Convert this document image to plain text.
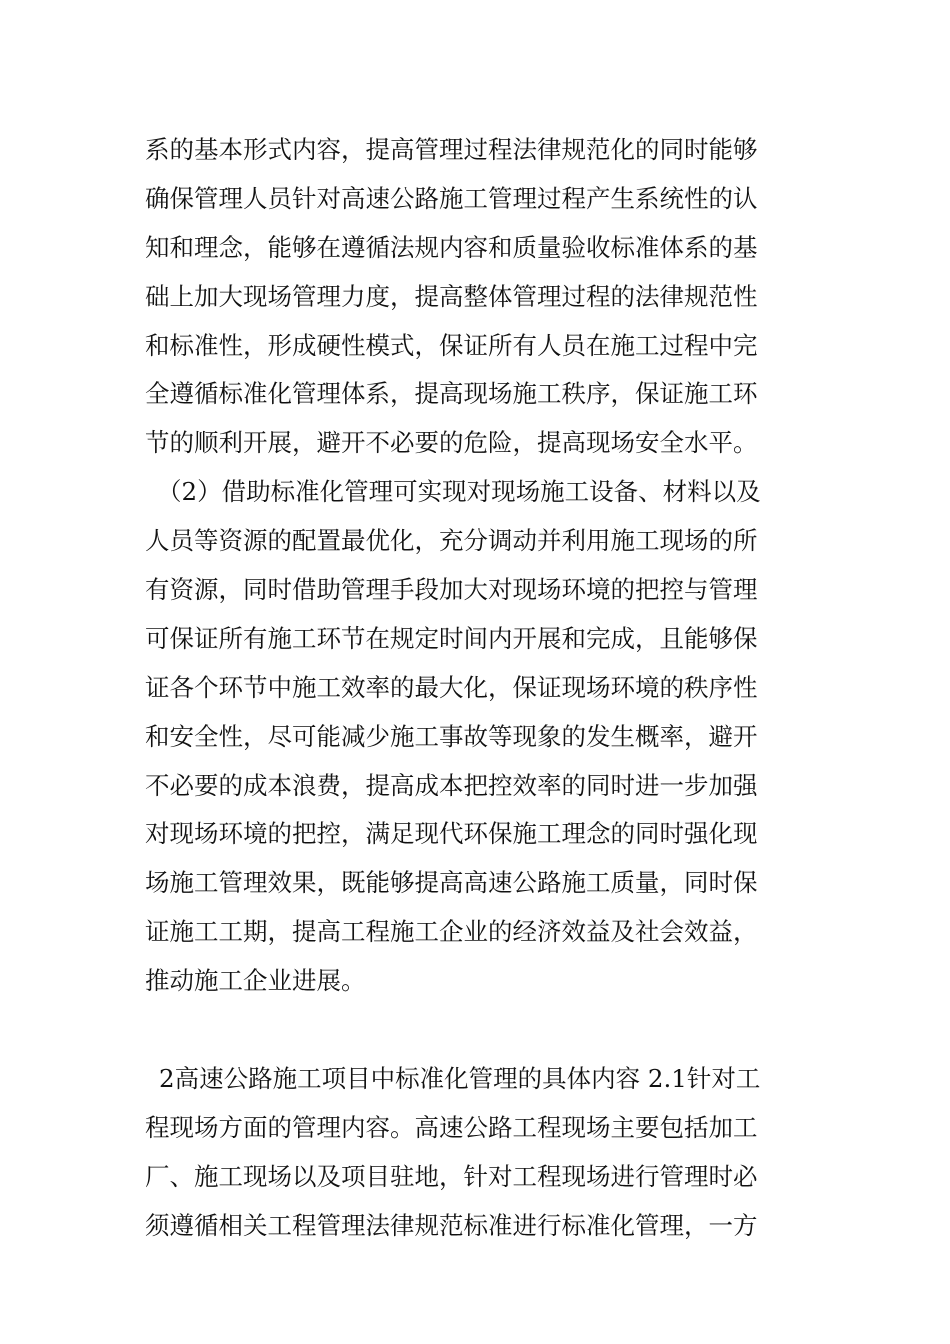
系的基本形式内容，提高管理过程法律规范化的同时能够
确保管理人员针对高速公路施工管理过程产生系统性的认
知和理念，能够在遵循法规内容和质量验收标准体系的基
础上加大现场管理力度，提高整体管理过程的法律规范性
和标准性，形成硬性模式，保证所有人员在施工过程中完
全遵循标准化管理体系，提高现场施工秩序，保证施工环
节的顺利开展，避开不必要的危险，提高现场安全水平。
（2）借助标准化管理可实现对现场施工设备、材料以及
人员等资源的配置最优化，充分调动并利用施工现场的所
有资源，同时借助管理手段加大对现场环境的把控与管理
可保证所有施工环节在规定时间内开展和完成，且能够保
证各个环节中施工效率的最大化，保证现场环境的秩序性
和安全性，尽可能减少施工事故等现象的发生概率，避开
不必要的成本浪费，提高成本把控效率的同时进一步加强
对现场环境的把控，满足现代环保施工理念的同时强化现
场施工管理效果，既能够提高高速公路施工质量，同时保
证施工工期，提高工程施工企业的经济效益及社会效益，
推动施工企业进展。
2高速公路施工项目中标准化管理的具体内容 2.1针对工
程现场方面的管理内容。高速公路工程现场主要包括加工
厂、施工现场以及项目驻地，针对工程现场进行管理时必
须遵循相关工程管理法律规范标准进行标准化管理，一方
